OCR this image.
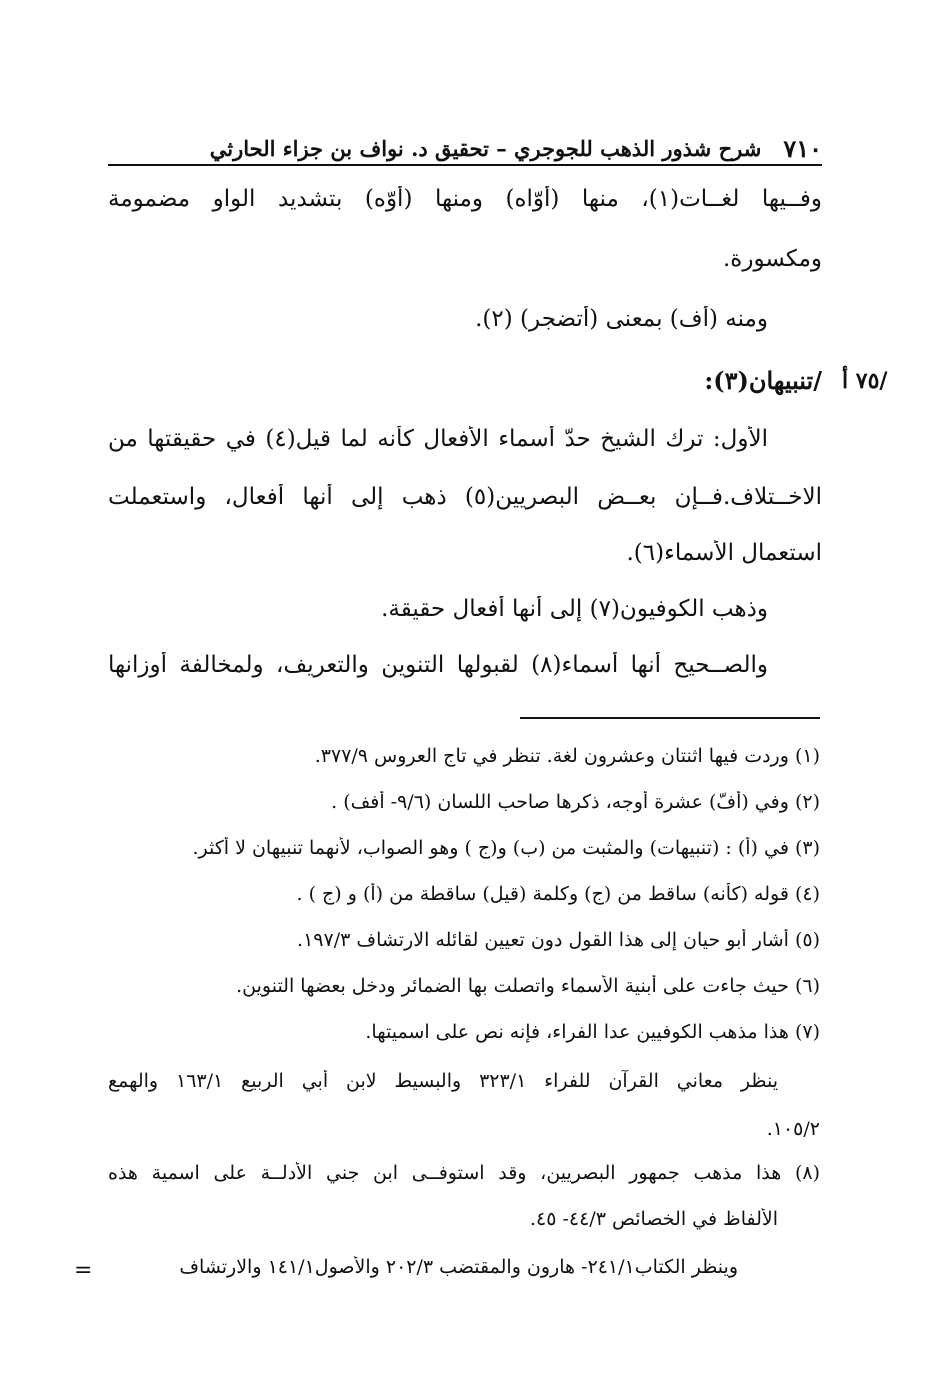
٧١٠
شرح شذور الذهب للجوجري – تحقيق د. نواف بن جزاء الحارثي
وفــيها لغــات(١)، منها (أوّاه) ومنها (أوّه) بتشديد الواو مضمومة
ومكسورة.
ومنه (أف) بمعنى (أتضجر) (٢).
/٧٥ أ
/تنبيهان(٣):
الأول: ترك الشيخ حدّ أسماء الأفعال كأنه لما قيل(٤) في حقيقتها من
الاخــتلاف.فــإن بعــض البصريين(٥) ذهب إلى أنها أفعال، واستعملت
استعمال الأسماء(٦).
وذهب الكوفيون(٧) إلى أنها أفعال حقيقة.
والصــحيح أنها أسماء(٨) لقبولها التنوين والتعريف، ولمخالفة أوزانها
(١) وردت فيها اثنتان وعشرون لغة. تنظر في تاج العروس ٣٧٧/٩.
(٢) وفي (أفّ) عشرة أوجه، ذكرها صاحب اللسان (٩/٦- أفف) .
(٣) في (أ) : (تنبيهات) والمثبت من (ب) و(ج ) وهو الصواب، لأنهما تنبيهان لا أكثر.
(٤) قوله (كأنه) ساقط من (ج) وكلمة (قيل) ساقطة من (أ) و (ج ) .
(٥) أشار أبو حيان إلى هذا القول دون تعيين لقائله الارتشاف ١٩٧/٣.
(٦) حيث جاءت على أبنية الأسماء واتصلت بها الضمائر ودخل بعضها التنوين.
(٧) هذا مذهب الكوفيين عدا الفراء، فإنه نص على اسميتها.
ينظر معاني القرآن للفراء ٣٢٣/١ والبسيط لابن أبي الربيع ١٦٣/١ والهمع
١٠٥/٢.
(٨) هذا مذهب جمهور البصريين، وقد استوفــى ابن جني الأدلــة على اسمية هذه
الألفاظ في الخصائص ٤٤/٣- ٤٥.
وينظر الكتاب٢٤١/١- هارون والمقتضب ٢٠٢/٣ والأصول١٤١/١ والارتشاف
=
